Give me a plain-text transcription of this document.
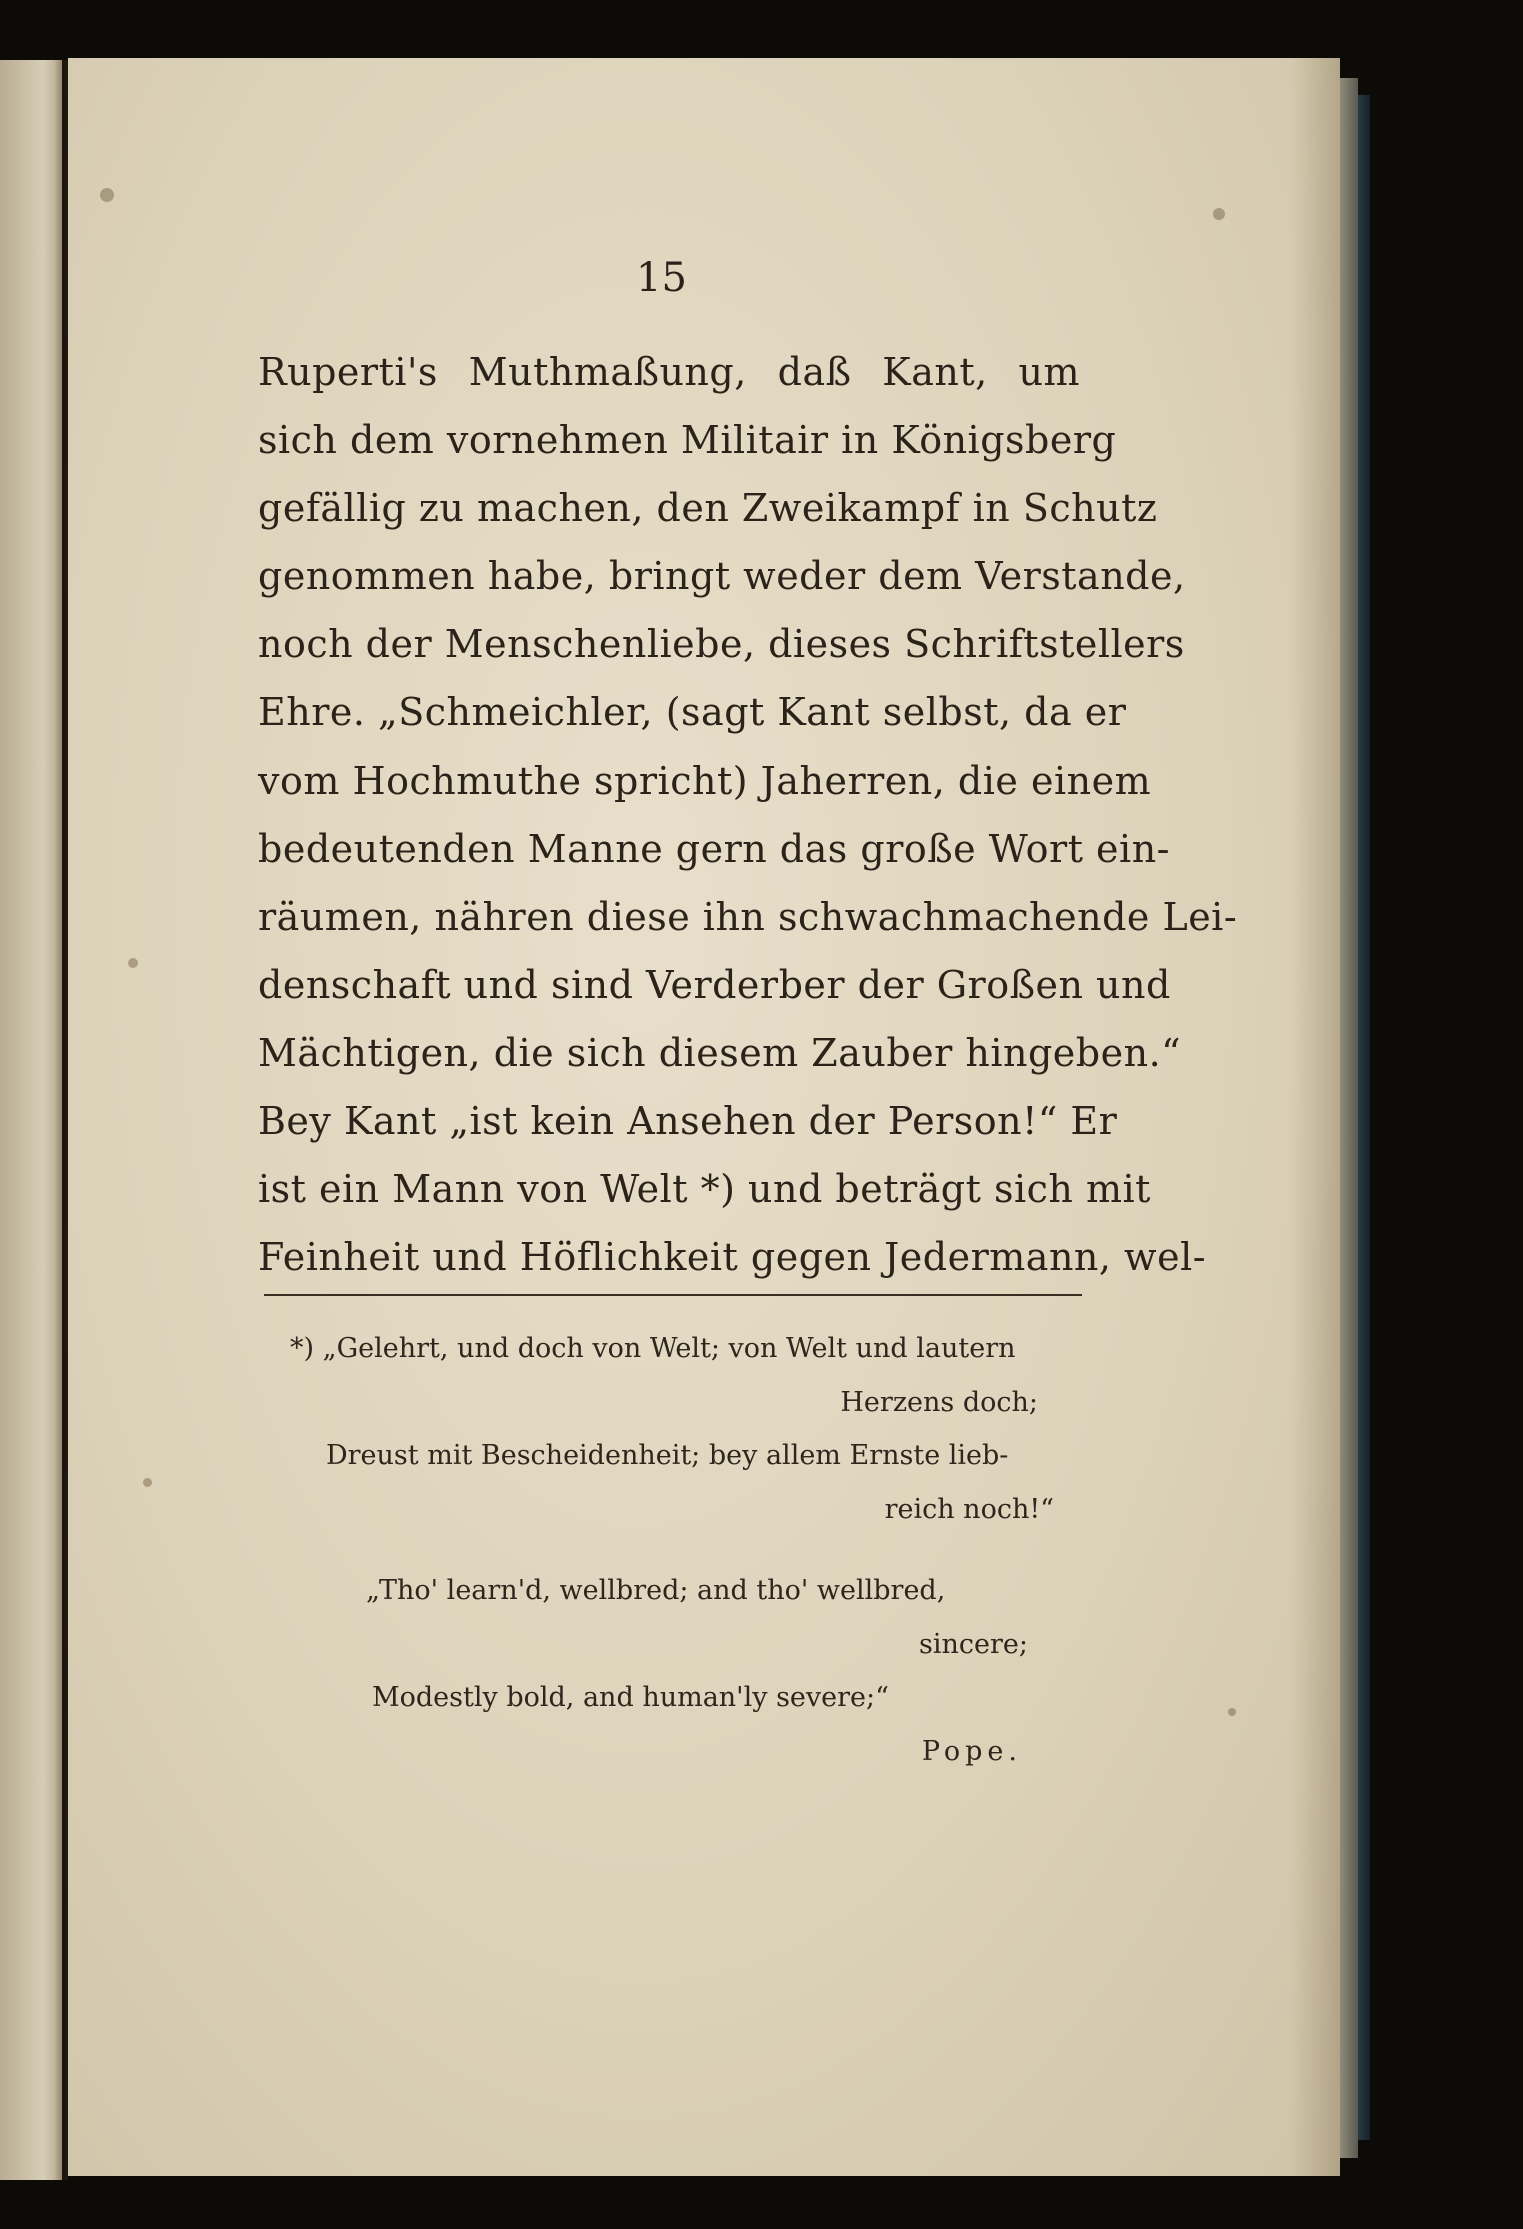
15
Ruperti's Muthmaßung, daß Kant, um
sich dem vornehmen Militair in Königsberg
gefällig zu machen, den Zweikampf in Schutz
genommen habe, bringt weder dem Verstande,
noch der Menschenliebe, dieses Schriftstellers
Ehre. „Schmeichler, (sagt Kant selbst, da er
vom Hochmuthe spricht) Jaherren, die einem
bedeutenden Manne gern das große Wort ein-
räumen, nähren diese ihn schwachmachende Lei-
denschaft und sind Verderber der Großen und
Mächtigen, die sich diesem Zauber hingeben.“
Bey Kant „ist kein Ansehen der Person!“ Er
ist ein Mann von Welt *) und beträgt sich mit
Feinheit und Höflichkeit gegen Jedermann, wel-
*) „Gelehrt, und doch von Welt; von Welt und lautern
Herzens doch;
Dreust mit Bescheidenheit; bey allem Ernste lieb-
reich noch!“
„Tho' learn'd, wellbred; and tho' wellbred,
sincere;
Modestly bold, and human'ly severe;“
Pope.
